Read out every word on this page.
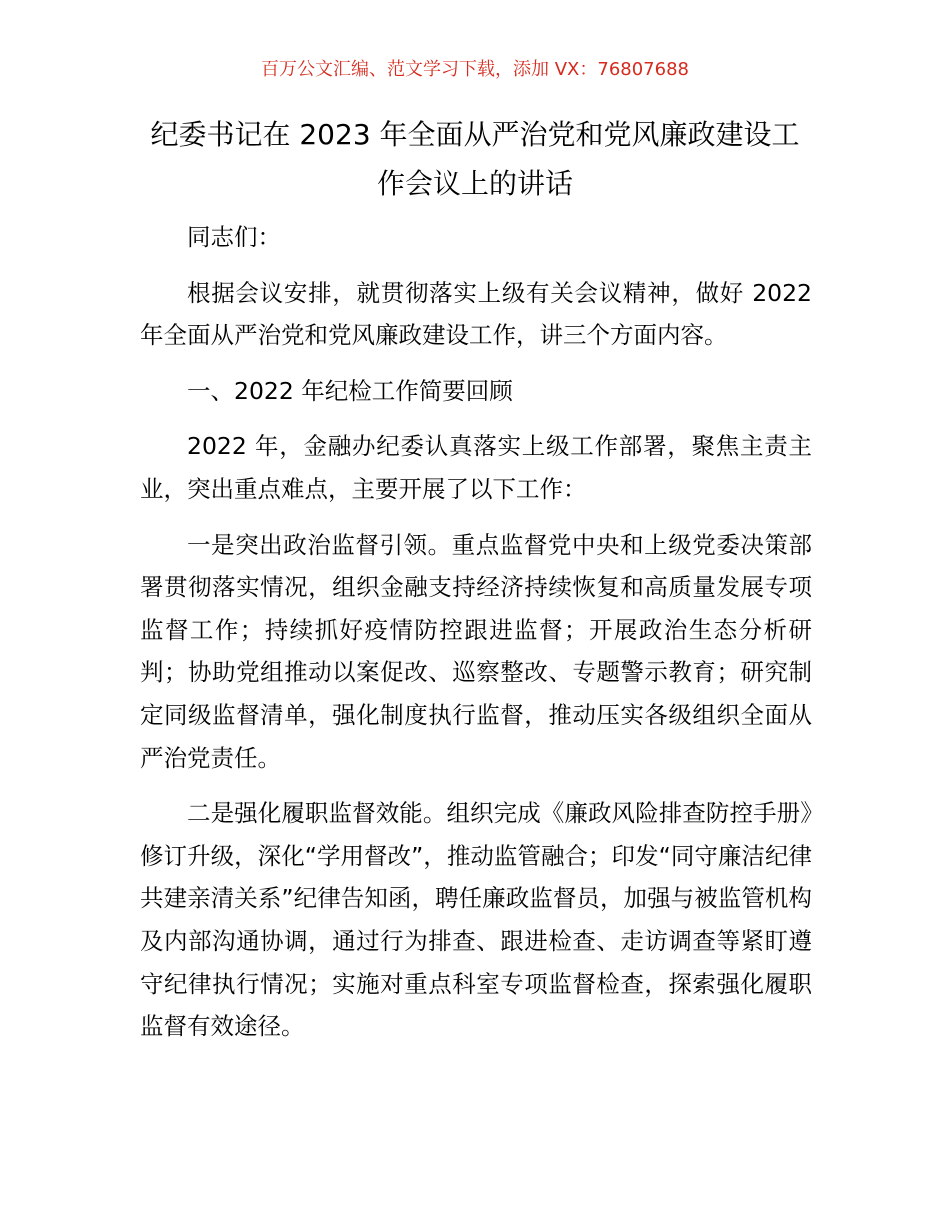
百万公文汇编、范文学习下载，添加 VX：76807688
纪委书记在 2023 年全面从严治党和党风廉政建设工作会议上的讲话

同志们：

根据会议安排，就贯彻落实上级有关会议精神，做好 2022 年全面从严治党和党风廉政建设工作，讲三个方面内容。

一、2022 年纪检工作简要回顾

2022 年，金融办纪委认真落实上级工作部署，聚焦主责主业，突出重点难点，主要开展了以下工作：

一是突出政治监督引领。重点监督党中央和上级党委决策部署贯彻落实情况，组织金融支持经济持续恢复和高质量发展专项监督工作；持续抓好疫情防控跟进监督；开展政治生态分析研判；协助党组推动以案促改、巡察整改、专题警示教育；研究制定同级监督清单，强化制度执行监督，推动压实各级组织全面从严治党责任。

二是强化履职监督效能。组织完成《廉政风险排查防控手册》修订升级，深化“学用督改”，推动监管融合；印发“同守廉洁纪律共建亲清关系”纪律告知函，聘任廉政监督员，加强与被监管机构及内部沟通协调，通过行为排查、跟进检查、走访调查等紧盯遵守纪律执行情况；实施对重点科室专项监督检查，探索强化履职监督有效途径。
